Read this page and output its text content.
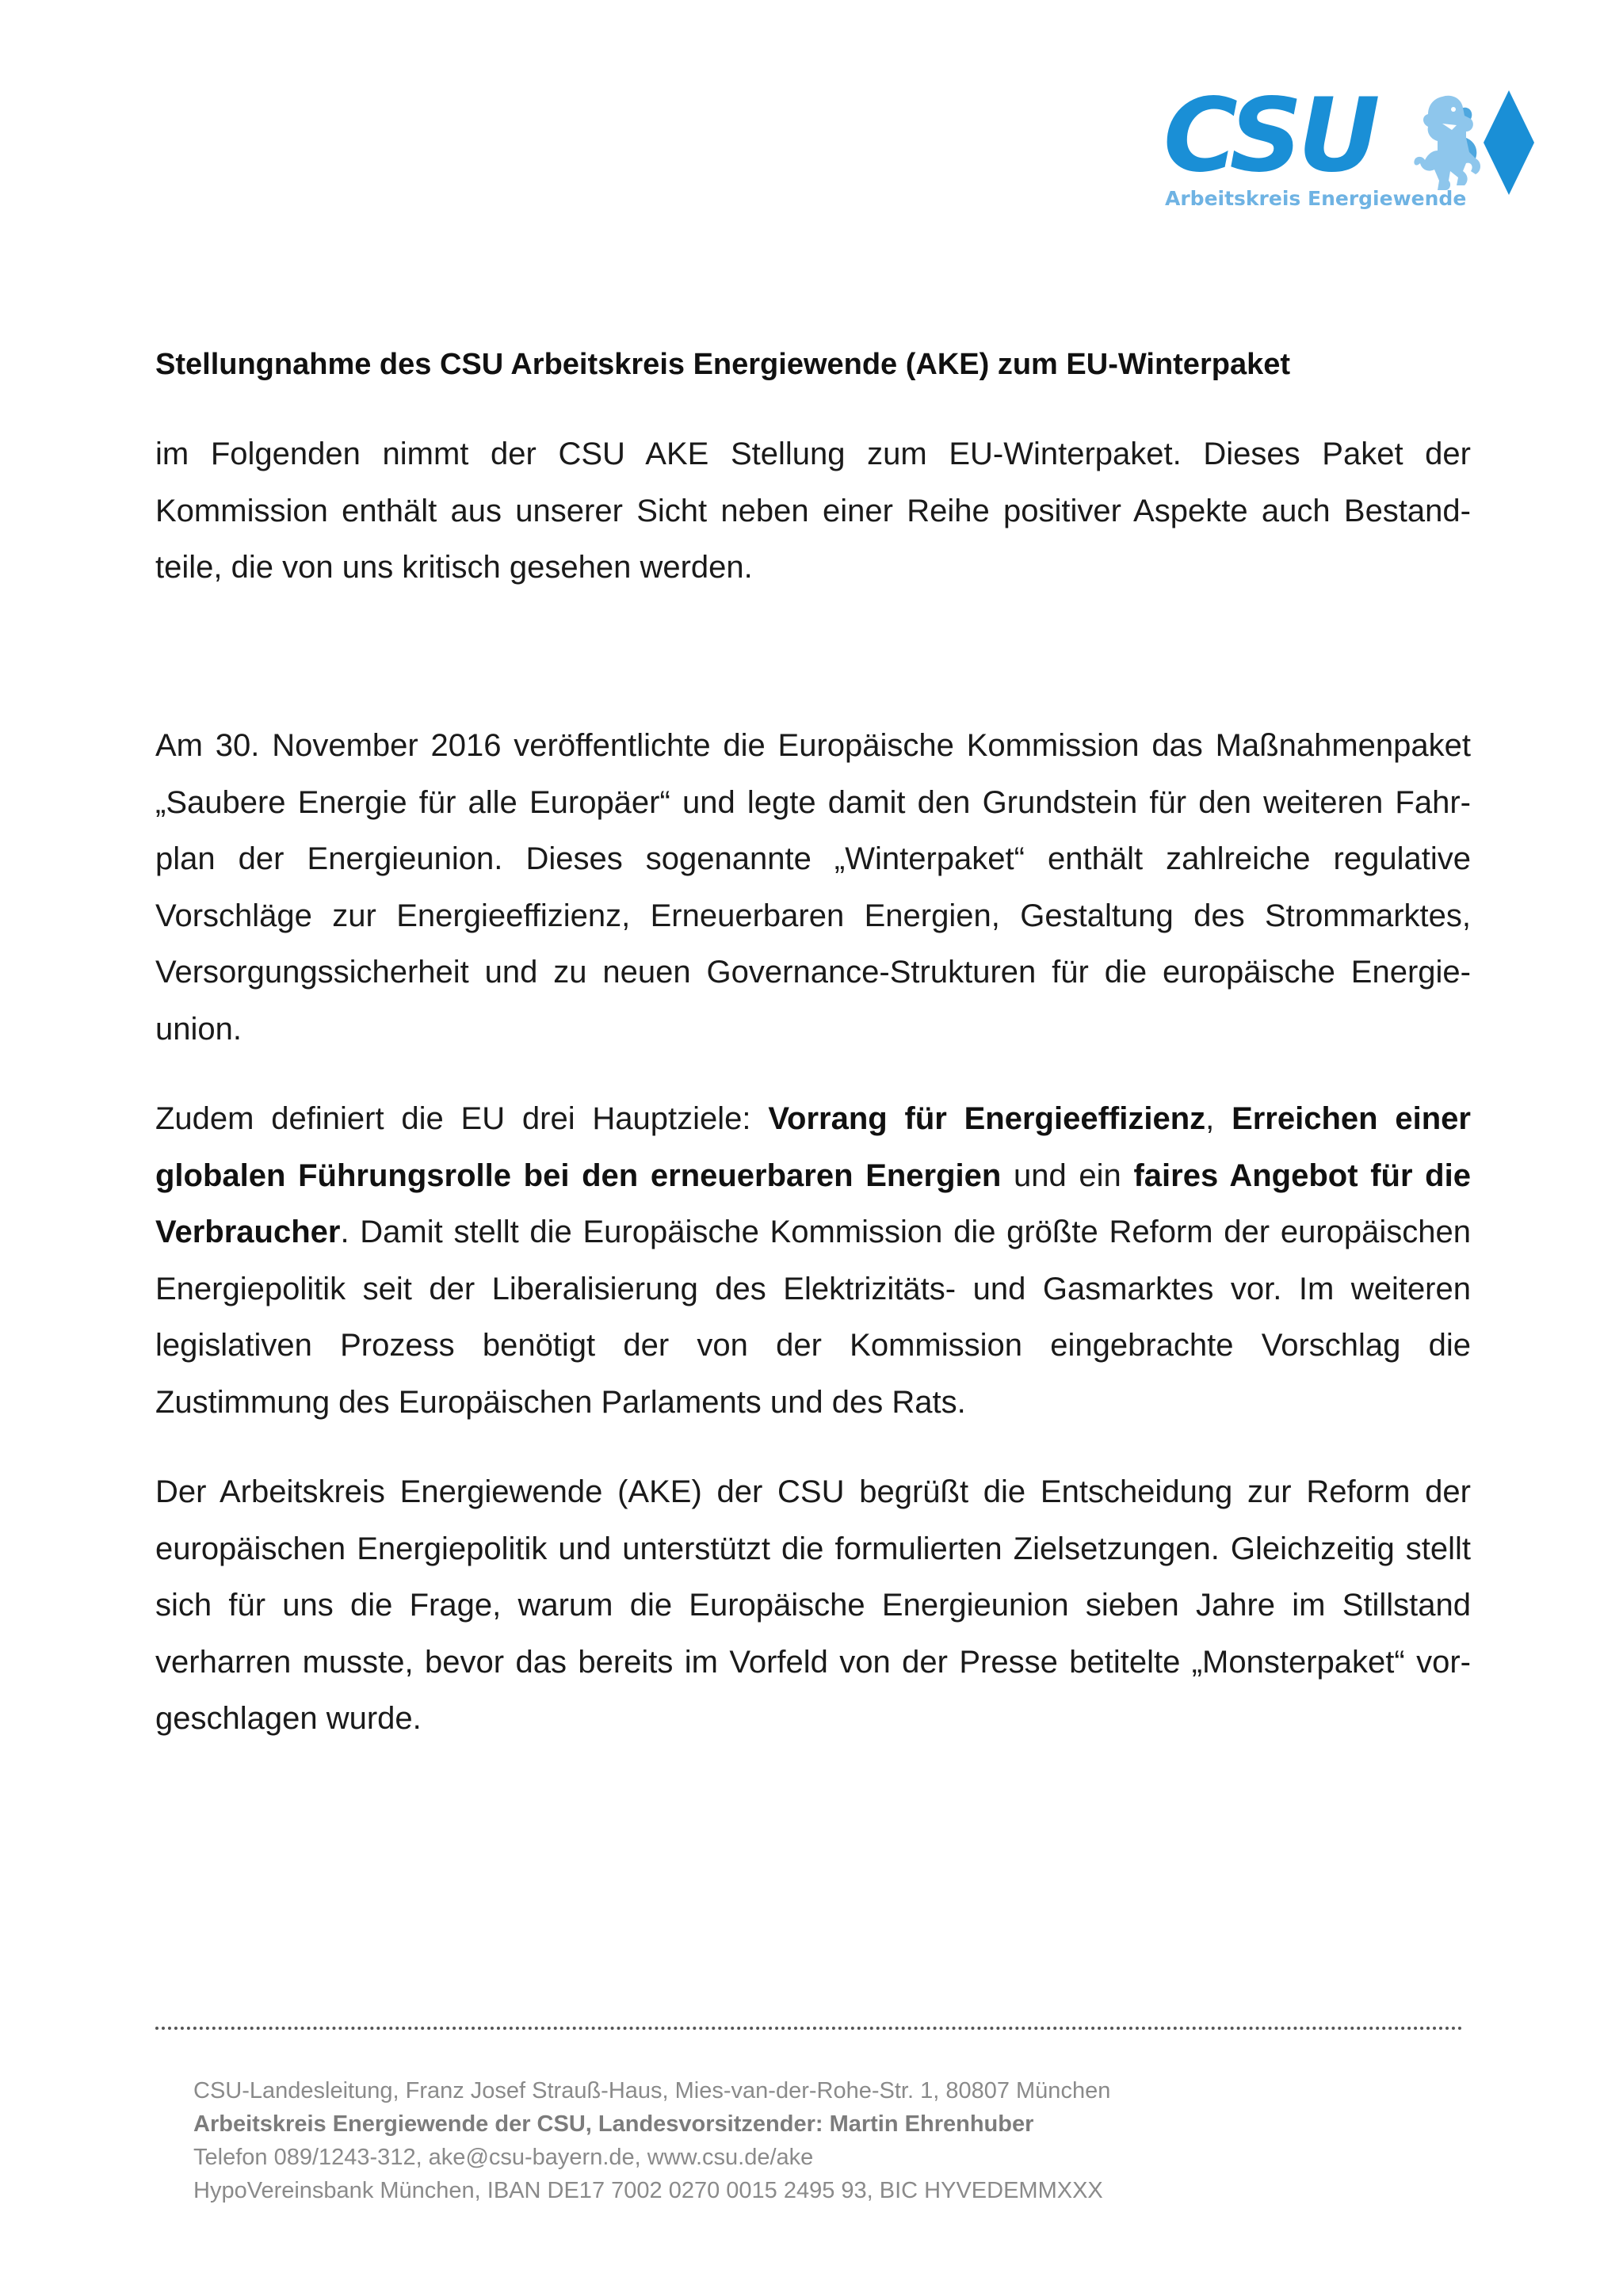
CSU
Arbeitskreis Energiewende
Stellungnahme des CSU Arbeitskreis Energiewende (AKE) zum EU-Winterpaket
im Folgenden nimmt der CSU AKE Stellung zum EU-Winterpaket. Dieses Paket der Kommission enthält aus unserer Sicht neben einer Reihe positiver Aspekte auch Bestandteile, die von uns kritisch gesehen werden.
Am 30. November 2016 veröffentlichte die Europäische Kommission das Maßnahmenpaket „Saubere Energie für alle Europäer“ und legte damit den Grundstein für den weiteren Fahrplan der Energieunion. Dieses sogenannte „Winterpaket“ enthält zahlreiche regulative Vorschläge zur Energieeffizienz, Erneuerbaren Energien, Gestaltung des Strommarktes, Versorgungssicherheit und zu neuen Governance-Strukturen für die europäische Energieunion.
Zudem definiert die EU drei Hauptziele: Vorrang für Energieeffizienz, Erreichen einer globalen Führungsrolle bei den erneuerbaren Energien und ein faires Angebot für die Verbraucher. Damit stellt die Europäische Kommission die größte Reform der europäischen Energiepolitik seit der Liberalisierung des Elektrizitäts- und Gasmarktes vor. Im weiteren legislativen Prozess benötigt der von der Kommission eingebrachte Vorschlag die Zustimmung des Europäischen Parlaments und des Rats.
Der Arbeitskreis Energiewende (AKE) der CSU begrüßt die Entscheidung zur Reform der europäischen Energiepolitik und unterstützt die formulierten Zielsetzungen. Gleichzeitig stellt sich für uns die Frage, warum die Europäische Energieunion sieben Jahre im Stillstand verharren musste, bevor das bereits im Vorfeld von der Presse betitelte „Monsterpaket“ vorgeschlagen wurde.
CSU-Landesleitung, Franz Josef Strauß-Haus, Mies-van-der-Rohe-Str. 1, 80807 München
Arbeitskreis Energiewende der CSU, Landesvorsitzender: Martin Ehrenhuber
Telefon 089/1243-312, ake@csu-bayern.de, www.csu.de/ake
HypoVereinsbank München, IBAN DE17 7002 0270 0015 2495 93, BIC HYVEDEMMXXX
